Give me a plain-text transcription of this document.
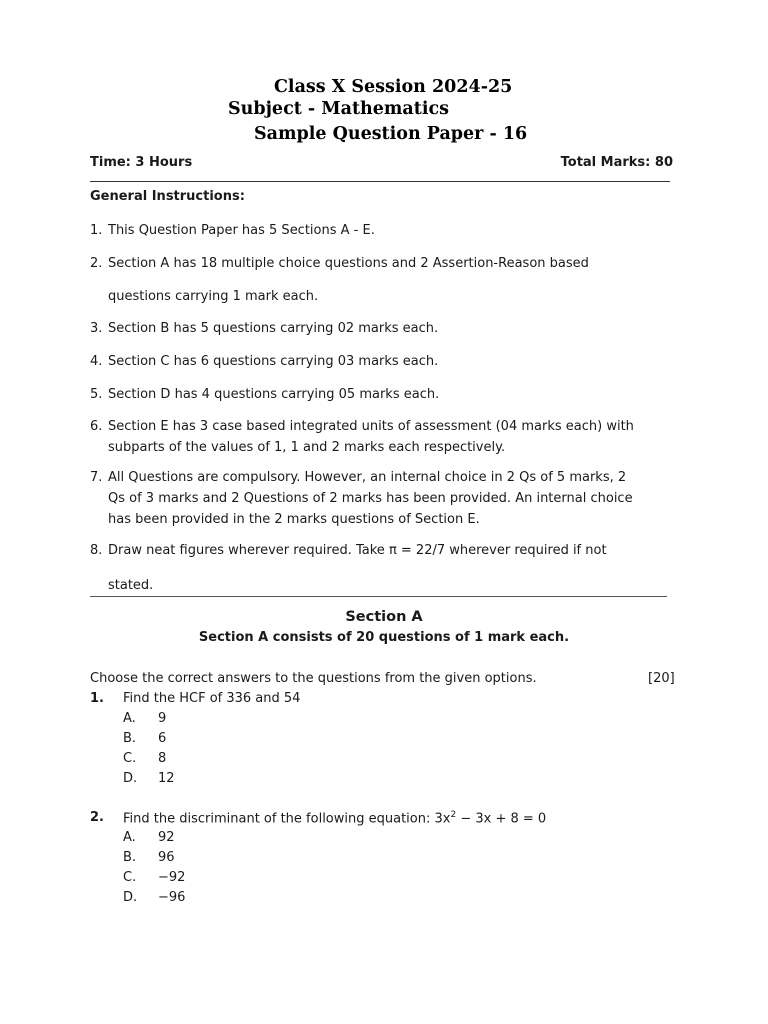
Class X Session 2024-25
Subject - Mathematics
Sample Question Paper - 16
Time: 3 Hours	Total Marks: 80
General Instructions:
1. This Question Paper has 5 Sections A - E.
2. Section A has 18 multiple choice questions and 2 Assertion-Reason based
questions carrying 1 mark each.
3. Section B has 5 questions carrying 02 marks each.
4. Section C has 6 questions carrying 03 marks each.
5. Section D has 4 questions carrying 05 marks each.
6. Section E has 3 case based integrated units of assessment (04 marks each) with
subparts of the values of 1, 1 and 2 marks each respectively.
7. All Questions are compulsory. However, an internal choice in 2 Qs of 5 marks, 2
Qs of 3 marks and 2 Questions of 2 marks has been provided. An internal choice
has been provided in the 2 marks questions of Section E.
8. Draw neat figures wherever required. Take π = 22/7 wherever required if not
stated.
Section A
Section A consists of 20 questions of 1 mark each.
Choose the correct answers to the questions from the given options.	[20]
1. Find the HCF of 336 and 54
A. 9
B. 6
C. 8
D. 12
2. Find the discriminant of the following equation: $3x^2 - 3x + 8 = 0$
A. 92
B. 96
C. −92
D. −96
